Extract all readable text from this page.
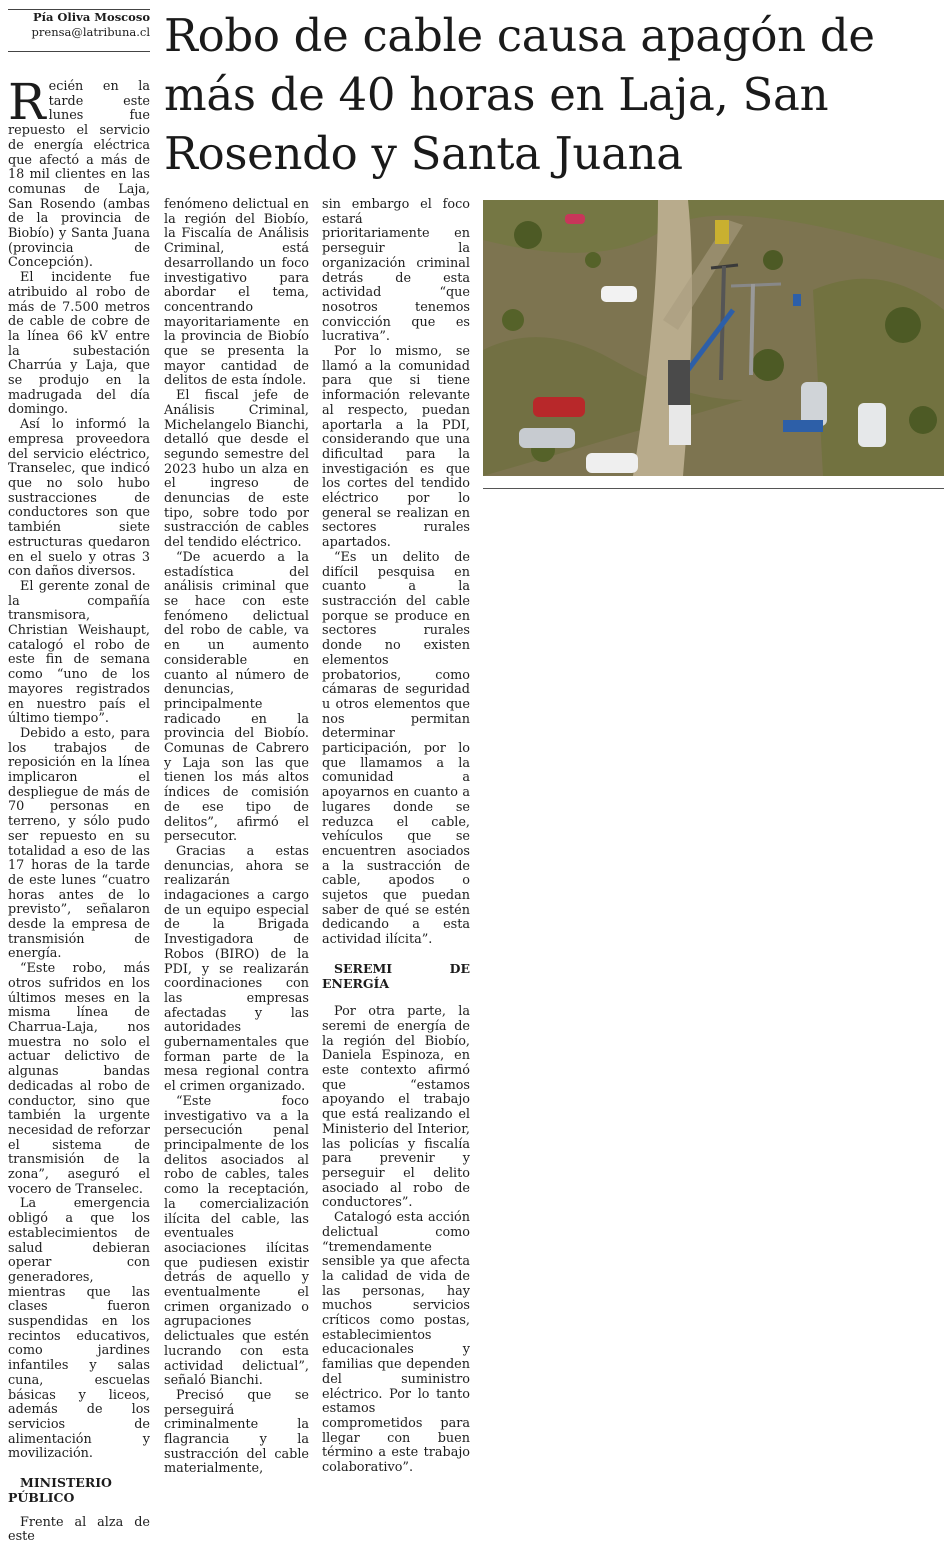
Pía Oliva Moscoso
prensa@latribuna.cl Robo de cable causa apagón de más de 40 horas en Laja, San Rosendo y Santa Juana

Recién en la tarde este lunes fue repuesto el servicio de energía eléctrica que afectó a más de 18 mil clientes en las comunas de Laja, San Rosendo (ambas de la provincia de Biobío) y Santa Juana (provincia de Concepción).

El incidente fue atribuido al robo de más de 7.500 metros de cable de cobre de la línea 66 kV entre la subestación Charrúa y Laja, que se produjo en la madrugada del día domingo.

Así lo informó la empresa proveedora del servicio eléctrico, Transelec, que indicó que no solo hubo sustracciones de conductores son que también siete estructuras quedaron en el suelo y otras 3 con daños diversos.

El gerente zonal de la compañía transmisora, Christian Weishaupt, catalogó el robo de este fin de semana como “uno de los mayores registrados en nuestro país el último tiempo”.

Debido a esto, para los trabajos de reposición en la línea implicaron el despliegue de más de 70 personas en terreno, y sólo pudo ser repuesto en su totalidad a eso de las 17 horas de la tarde de este lunes “cuatro horas antes de lo previsto”, señalaron desde la empresa de transmisión de energía.

“Este robo, más otros sufridos en los últimos meses en la misma línea de Charrua-Laja, nos muestra no solo el actuar delictivo de algunas bandas dedicadas al robo de conductor, sino que también la urgente necesidad de reforzar el sistema de transmisión de la zona”, aseguró el vocero de Transelec.

La emergencia obligó a que los establecimientos de salud debieran operar con generadores, mientras que las clases fueron suspendidas en los recintos educativos, como jardines infantiles y salas cuna, escuelas básicas y liceos, además de los servicios de alimentación y movilización.

MINISTERIO PÚBLICO

Frente al alza de este

fenómeno delictual en la región del Biobío, la Fiscalía de Análisis Criminal, está desarrollando un foco investigativo para abordar el tema, concentrando mayoritariamente en la provincia de Biobío que se presenta la mayor cantidad de delitos de esta índole.

El fiscal jefe de Análisis Criminal, Michelangelo Bianchi, detalló que desde el segundo semestre del 2023 hubo un alza en el ingreso de denuncias de este tipo, sobre todo por sustracción de cables del tendido eléctrico.

“De acuerdo a la estadística del análisis criminal que se hace con este fenómeno delictual del robo de cable, va en un aumento considerable en cuanto al número de denuncias, principalmente radicado en la provincia del Biobío. Comunas de Cabrero y Laja son las que tienen los más altos índices de comisión de ese tipo de delitos”, afirmó el persecutor.

Gracias a estas denuncias, ahora se realizarán indagaciones a cargo de un equipo especial de la Brigada Investigadora de Robos (BIRO) de la PDI, y se realizarán coordinaciones con las empresas afectadas y las autoridades gubernamentales que forman parte de la mesa regional contra el crimen organizado.

“Este foco investigativo va a la persecución penal principalmente de los delitos asociados al robo de cables, tales como la receptación, la comercialización ilícita del cable, las eventuales asociaciones ilícitas que pudiesen existir detrás de aquello y eventualmente el crimen organizado o agrupaciones delictuales que estén lucrando con esta actividad delictual”, señaló Bianchi.

Precisó que se perseguirá criminalmente la flagrancia y la sustracción del cable materialmente,

sin embargo el foco estará prioritariamente en perseguir la organización criminal detrás de esta actividad “que nosotros tenemos convicción que es lucrativa”.

Por lo mismo, se llamó a la comunidad para que si tiene información relevante al respecto, puedan aportarla a la PDI, considerando que una dificultad para la investigación es que los cortes del tendido eléctrico por lo general se realizan en sectores rurales apartados.

“Es un delito de difícil pesquisa en cuanto a la sustracción del cable porque se produce en sectores rurales donde no existen elementos probatorios, como cámaras de seguridad u otros elementos que nos permitan determinar participación, por lo que llamamos a la comunidad a apoyarnos en cuanto a lugares donde se reduzca el cable, vehículos que se encuentren asociados a la sustracción de cable, apodos o sujetos que puedan saber de qué se estén dedicando a esta actividad ilícita”.

SEREMI DE ENERGÍA

Por otra parte, la seremi de energía de la región del Biobío, Daniela Espinoza, en este contexto afirmó que “estamos apoyando el trabajo que está realizando el Ministerio del Interior, las policías y fiscalía para prevenir y perseguir el delito asociado al robo de conductores”.

Catalogó esta acción delictual como “tremendamente sensible ya que afecta la calidad de vida de las personas, hay muchos servicios críticos como postas, establecimientos educacionales y familias que dependen del suministro eléctrico. Por lo tanto estamos comprometidos para llegar con buen término a este trabajo colaborativo”.
